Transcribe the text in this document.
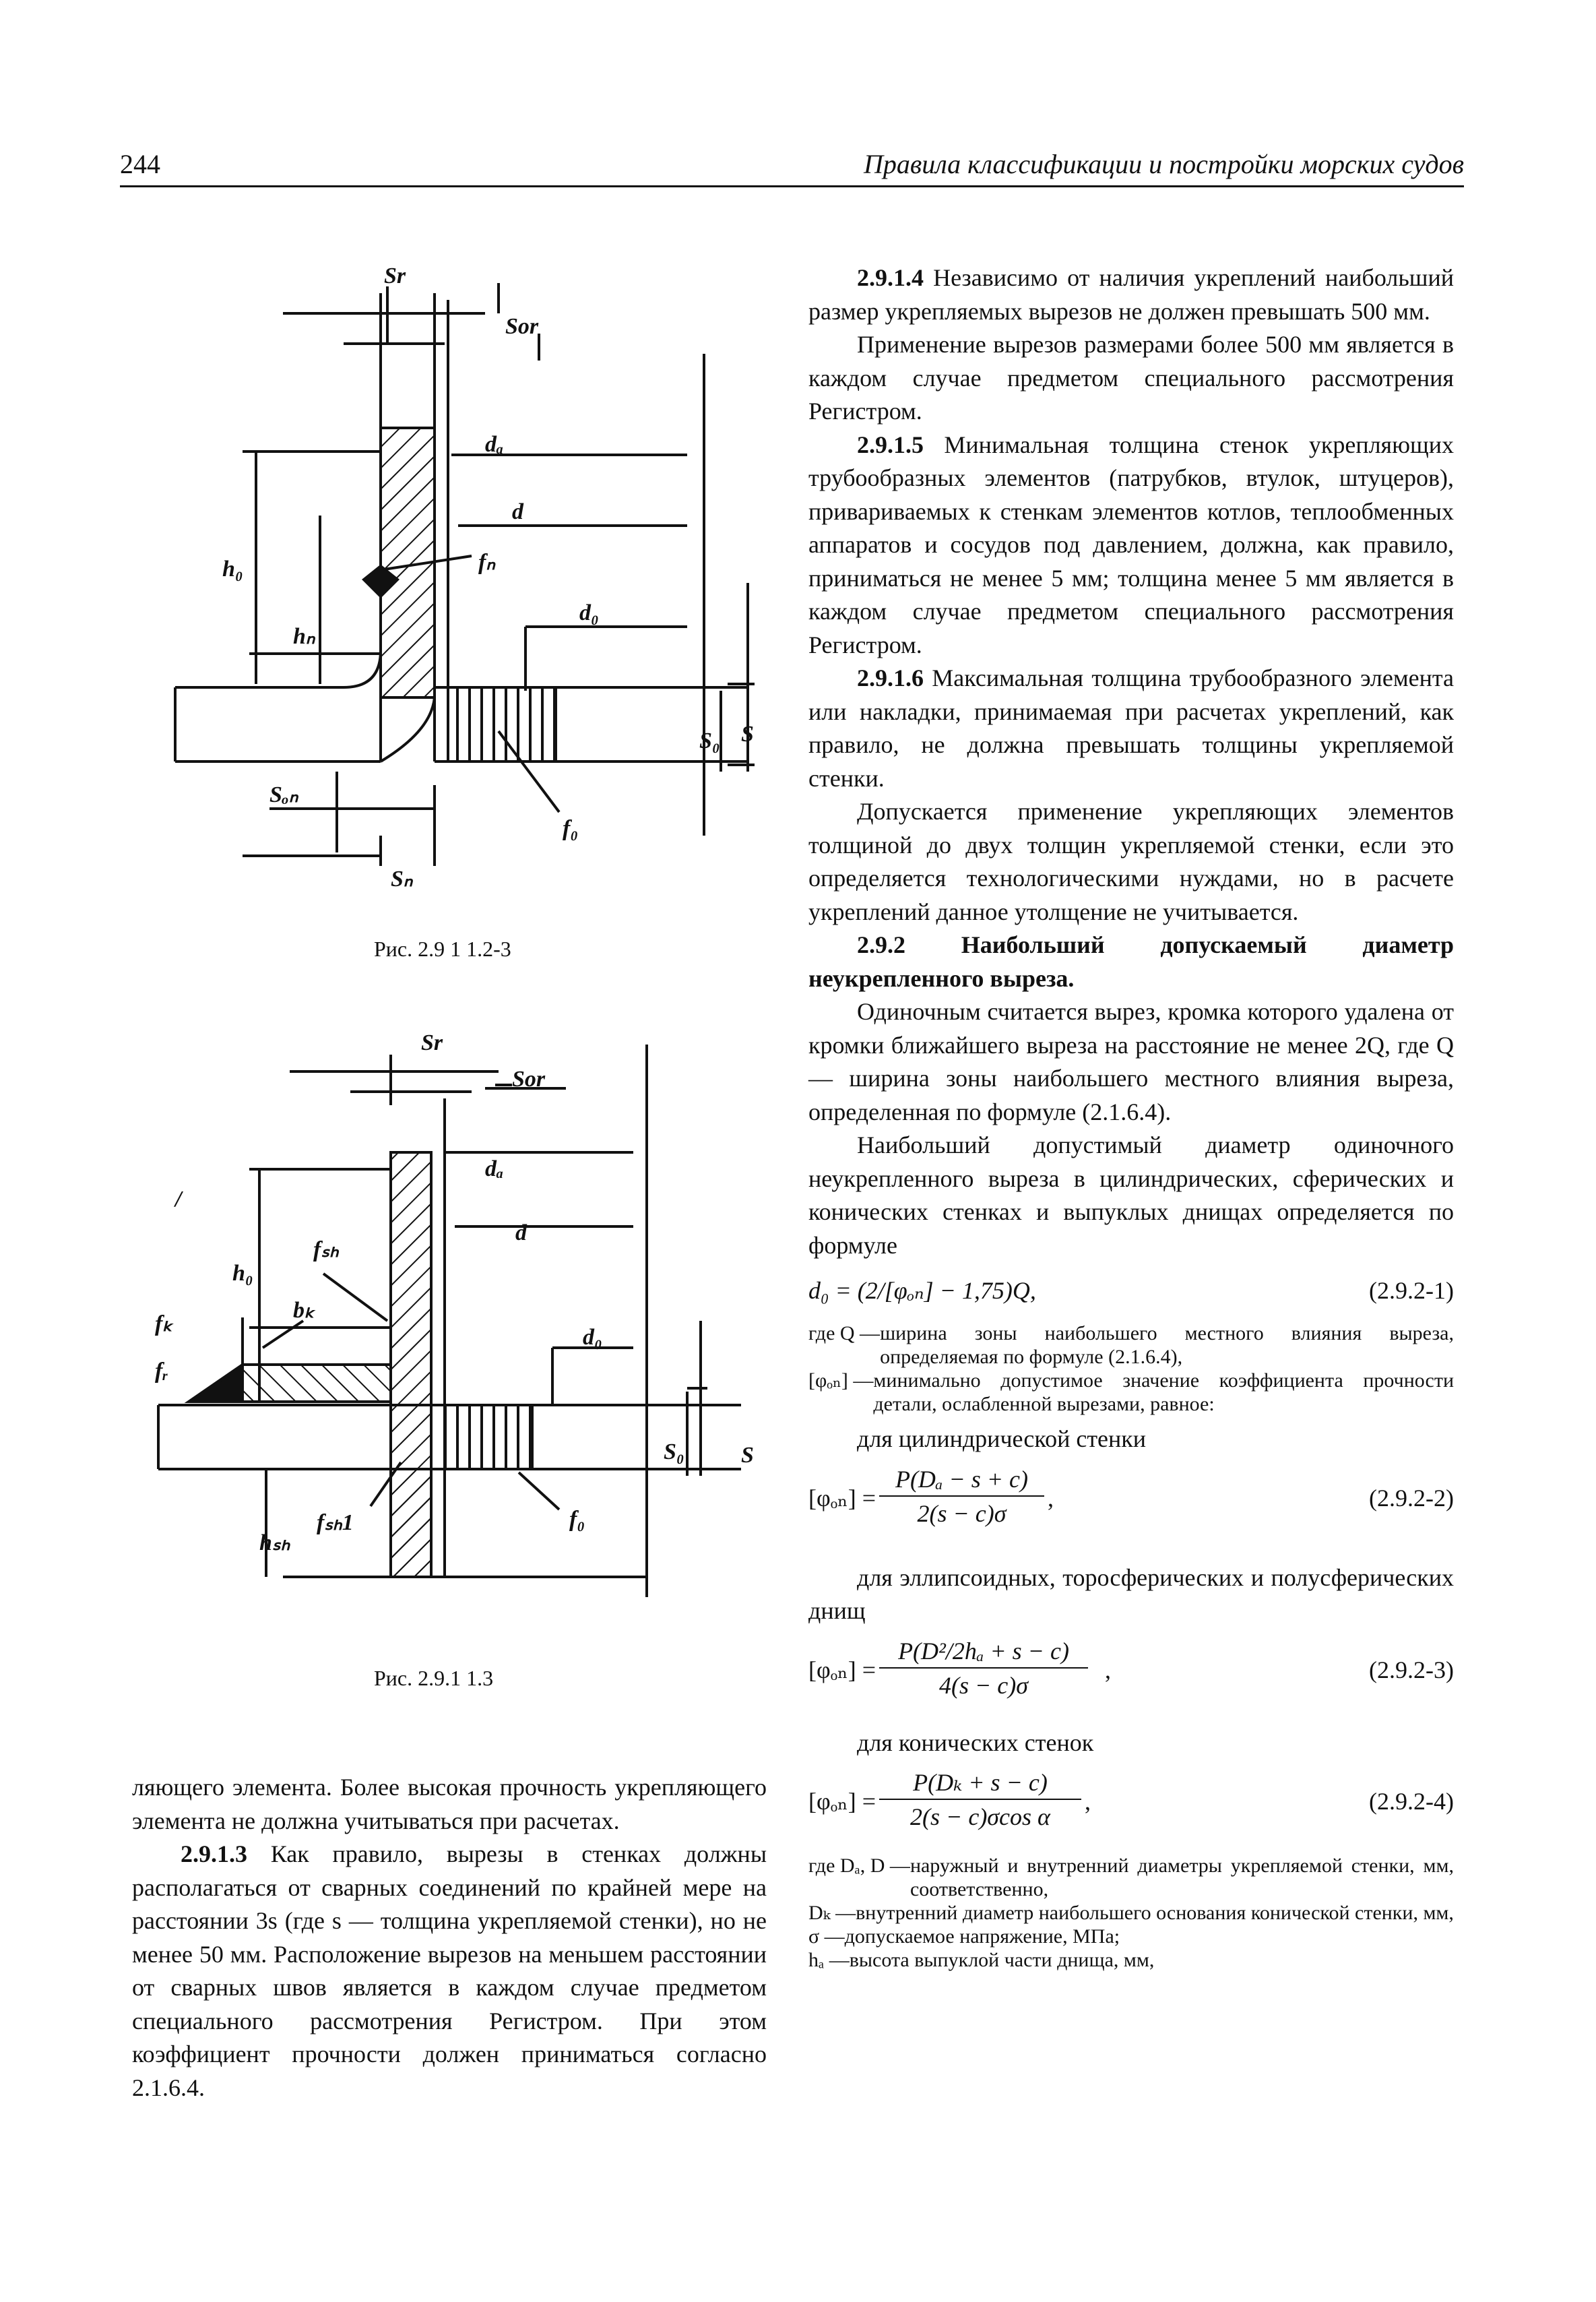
244	Правила классификации и постройки морских судов
Sr
Sor
dₐ
d
h₀
hₙ
fₙ
d₀
S₀ S
Sₒₙ
f₀
Sₙ
Рис. 2.9 1 1.2-3
Sr
Sor
/
dₐ
fₛₕ
d
h₀
fₖ
bₖ
fᵣ
d₀
S₀ S
fₛₕ1	f₀
hₛₕ
Рис. 2.9.1 1.3

ляющего элемента. Более высокая прочность укрепляющего элемента не должна учитываться при расчетах.

2.9.1.3 Как правило, вырезы в стенках должны располагаться от сварных соединений по крайней мере на расстоянии 3s (где s — толщина укрепляемой стенки), но не менее 50 мм. Расположение вырезов на меньшем расстоянии от сварных швов является в каждом случае предметом специального рассмотрения Регистром. При этом коэффициент прочности должен приниматься согласно 2.1.6.4.

2.9.1.4 Независимо от наличия укреплений наибольший размер укрепляемых вырезов не должен превышать 500 мм.

Применение вырезов размерами более 500 мм является в каждом случае предметом специального рассмотрения Регистром.

2.9.1.5 Минимальная толщина стенок укрепляющих трубообразных элементов (патрубков, втулок, штуцеров), привариваемых к стенкам элементов котлов, теплообменных аппаратов и сосудов под давлением, должна, как правило, приниматься не менее 5 мм; толщина менее 5 мм является в каждом случае предметом специального рассмотрения Регистром.

2.9.1.6 Максимальная толщина трубообразного элемента или накладки, принимаемая при расчетах укреплений, как правило, не должна превышать толщины укрепляемой стенки.

Допускается применение укрепляющих элементов толщиной до двух толщин укрепляемой стенки, если это определяется технологическими нуждами, но в расчете укреплений данное утолщение не учитывается.

2.9.2 Наибольший допускаемый диаметр неукрепленного выреза.

Одиночным считается вырез, кромка которого удалена от кромки ближайшего выреза на расстояние не менее 2Q, где Q — ширина зоны наибольшего местного влияния выреза, определенная по формуле (2.1.6.4).

Наибольший допустимый диаметр одиночного неукрепленного выреза в цилиндрических, сферических и конических стенках и выпуклых днищах определяется по формуле

d₀ = (2/[φₒₙ] − 1,75)Q,	(2.9.2-1)

где Q — ширина зоны наибольшего местного влияния выреза, определяемая по формуле (2.1.6.4),

[φₒₙ] — минимально допустимое значение коэффициента прочности детали, ослабленной вырезами, равное:

для цилиндрической стенки

$[\varphi_{on}] = \frac{\text{P(Dₐ − s + c)}}{2(s - c)\sigma}$ ,	(2.9.2-2)

для эллипсоидных, торосферических и полусферических днищ

$[\varphi_{on}] = \frac{\text{P(D²/2hₐ + s − c)}}{4(s - c)\sigma}$ ,	(2.9.2-3)

для конических стенок

$[\varphi_{on}] = \frac{\text{P(Dₖ + s − c)}}{\text{2(s − c)σcos α}}$ ,	(2.9.2-4)

где Dₐ, D — наружный и внутренний диаметры укрепляемой стенки, мм, соответственно,

Dₖ — внутренний диаметр наибольшего основания конической стенки, мм,

σ — допускаемое напряжение, МПа;

hₐ — высота выпуклой части днища, мм,
